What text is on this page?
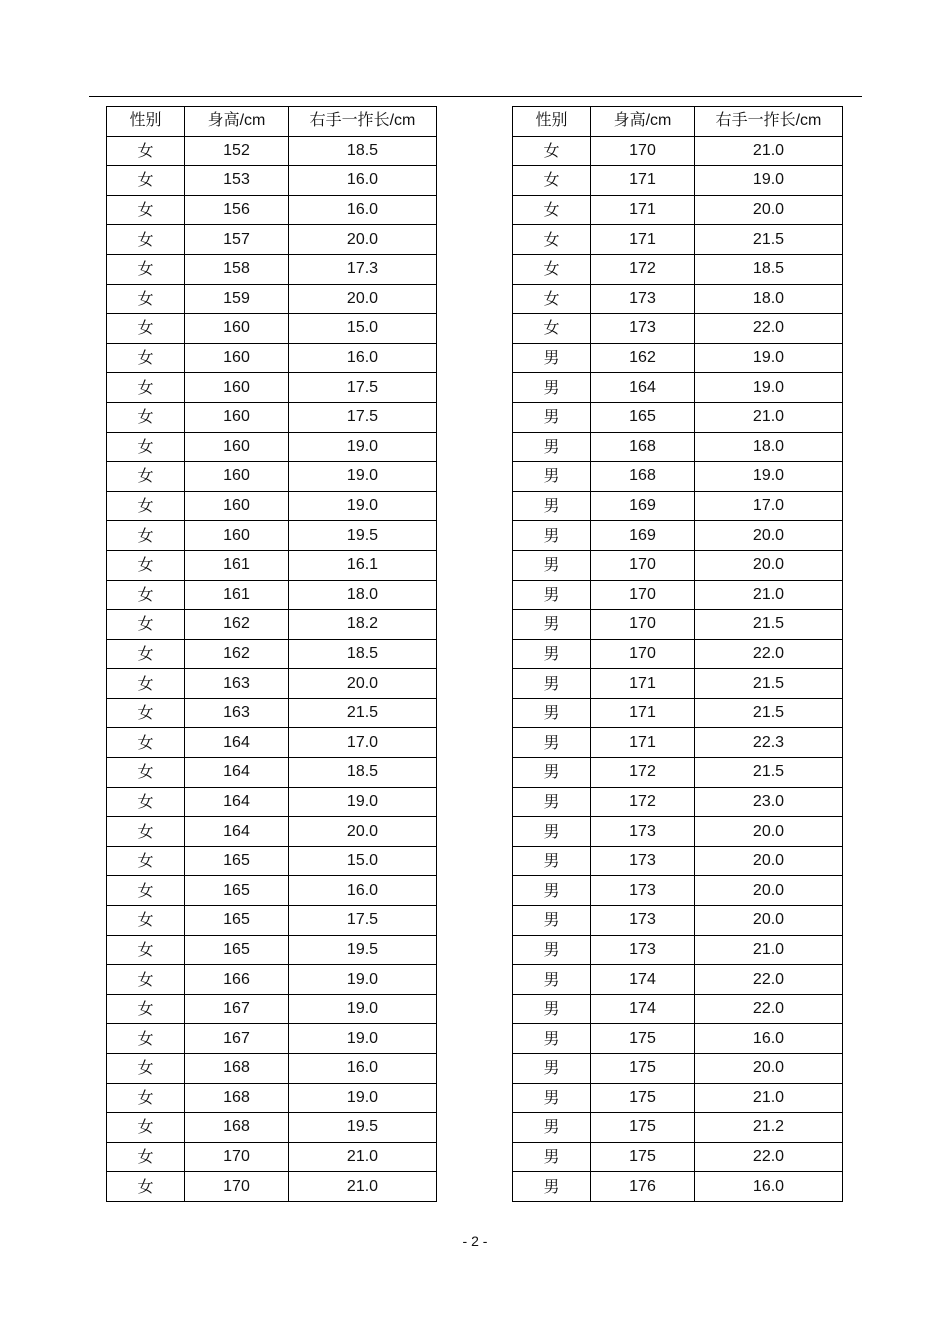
性别	身高/cm	右手一拃长/cm
女	152	18.5
女	153	16.0
女	156	16.0
女	157	20.0
女	158	17.3
女	159	20.0
女	160	15.0
女	160	16.0
女	160	17.5
女	160	17.5
女	160	19.0
女	160	19.0
女	160	19.0
女	160	19.5
女	161	16.1
女	161	18.0
女	162	18.2
女	162	18.5
女	163	20.0
女	163	21.5
女	164	17.0
女	164	18.5
女	164	19.0
女	164	20.0
女	165	15.0
女	165	16.0
女	165	17.5
女	165	19.5
女	166	19.0
女	167	19.0
女	167	19.0
女	168	16.0
女	168	19.0
女	168	19.5
女	170	21.0
女	170	21.0
性别	身高/cm	右手一拃长/cm
女	170	21.0
女	171	19.0
女	171	20.0
女	171	21.5
女	172	18.5
女	173	18.0
女	173	22.0
男	162	19.0
男	164	19.0
男	165	21.0
男	168	18.0
男	168	19.0
男	169	17.0
男	169	20.0
男	170	20.0
男	170	21.0
男	170	21.5
男	170	22.0
男	171	21.5
男	171	21.5
男	171	22.3
男	172	21.5
男	172	23.0
男	173	20.0
男	173	20.0
男	173	20.0
男	173	20.0
男	173	21.0
男	174	22.0
男	174	22.0
男	175	16.0
男	175	20.0
男	175	21.0
男	175	21.2
男	175	22.0
男	176	16.0
- 2 -
